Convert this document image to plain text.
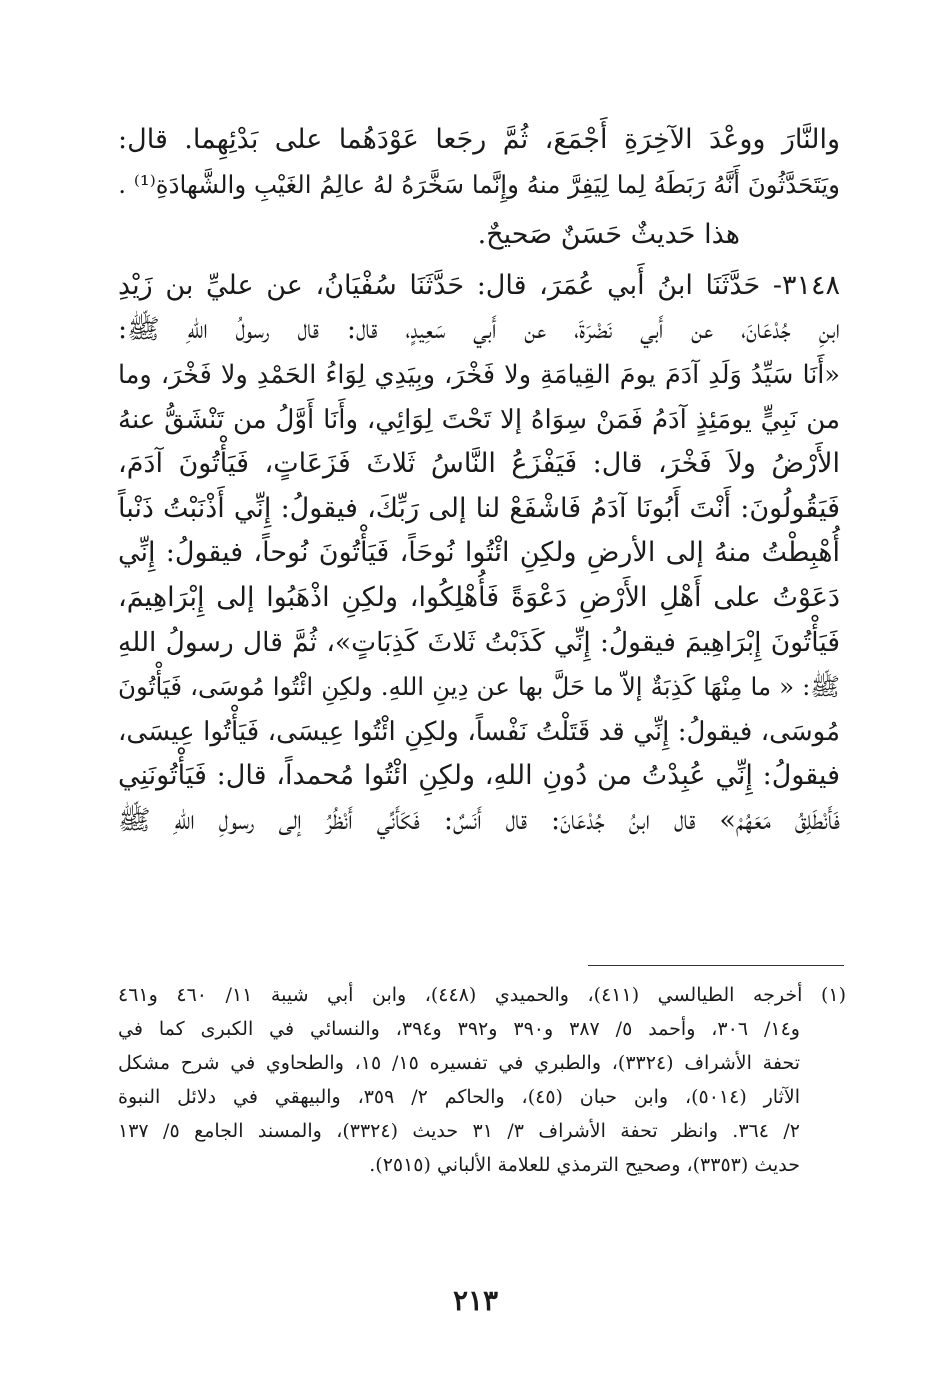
والنَّارَ ووعْدَ الآخِرَةِ أَجْمَعَ، ثُمَّ رجَعا عَوْدَهُما على بَدْئِهِما. قال:
ويَتَحَدَّثُونَ أَنَّهُ رَبَطَهُ لِما لِيَفِرَّ منهُ وإِنَّما سَخَّرَهُ لهُ عالِمُ الغَيْبِ والشَّهادَةِ⁽¹⁾ .
هذا حَديثٌ حَسَنٌ صَحيحٌ.
٣١٤٨- حَدَّثَنَا ابنُ أَبي عُمَرَ، قال: حَدَّثَنَا سُفْيَانُ، عن عليِّ بن زَيْدِ
ابنِ جُدْعَانَ، عن أَبي نَضْرَةَ، عن أَبي سَعِيدٍ، قال: قال رسولُ اللهِ ﷺ:
«أَنَا سَيِّدُ وَلَدِ آدَمَ يومَ القِيامَةِ ولا فَخْرَ، وبِيَدِي لِوَاءُ الحَمْدِ ولا فَخْرَ، وما
من نَبِيٍّ يومَئِذٍ آدَمُ فَمَنْ سِوَاهُ إلا تَحْتَ لِوَائِي، وأَنَا أَوَّلُ من تَنْشَقُّ عنهُ
الأَرْضُ ولاَ فَخْرَ، قال: فَيَفْزَعُ النَّاسُ ثَلاثَ فَزَعَاتٍ، فَيَأْتُونَ آدَمَ،
فَيَقُولُونَ: أَنْتَ أَبُونَا آدَمُ فَاشْفَعْ لنا إلى رَبِّكَ، فيقولُ: إِنِّي أَذْنَبْتُ ذَنْباً
أُهْبِطْتُ منهُ إلى الأرضِ ولكِنِ ائْتُوا نُوحَاً، فَيَأْتُونَ نُوحاً، فيقولُ: إِنِّي
دَعَوْتُ على أَهْلِ الأَرْضِ دَعْوَةً فَأُهْلِكُوا، ولكِنِ اذْهَبُوا إلى إِبْرَاهِيمَ،
فَيَأْتُونَ إِبْرَاهِيمَ فيقولُ: إِنِّي كَذَبْتُ ثَلاثَ كَذِبَاتٍ»، ثُمَّ قال رسولُ اللهِ
ﷺ: « ما مِنْهَا كَذِبَةٌ إلاّ ما حَلَّ بها عن دِينِ اللهِ. ولكِنِ ائْتُوا مُوسَى، فَيَأْتُونَ
مُوسَى، فيقولُ: إِنِّي قد قَتَلْتُ نَفْساً، ولكِنِ ائْتُوا عِيسَى، فَيَأْتُوا عِيسَى،
فيقولُ: إِنِّي عُبِدْتُ من دُونِ اللهِ، ولكِنِ ائْتُوا مُحمداً، قال: فَيَأْتُونَنِي
فَأَنْطَلِقُ مَعَهُمْ» قال ابنُ جُدْعَانَ: قال أَنَسٌ: فَكَأَنِّي أَنْظُرُ إلى رسولِ اللهِ ﷺ
(١) أخرجه الطيالسي (٤١١)، والحميدي (٤٤٨)، وابن أبي شيبة ١١/ ٤٦٠ و٤٦١
و١٤/ ٣٠٦، وأحمد ٥/ ٣٨٧ و٣٩٠ و٣٩٢ و٣٩٤، والنسائي في الكبرى كما في
تحفة الأشراف (٣٣٢٤)، والطبري في تفسيره ١٥/ ١٥، والطحاوي في شرح مشكل
الآثار (٥٠١٤)، وابن حبان (٤٥)، والحاكم ٢/ ٣٥٩، والبيهقي في دلائل النبوة
٢/ ٣٦٤. وانظر تحفة الأشراف ٣/ ٣١ حديث (٣٣٢٤)، والمسند الجامع ٥/ ١٣٧
حديث (٣٣٥٣)، وصحيح الترمذي للعلامة الألباني (٢٥١٥).
٢١٣
